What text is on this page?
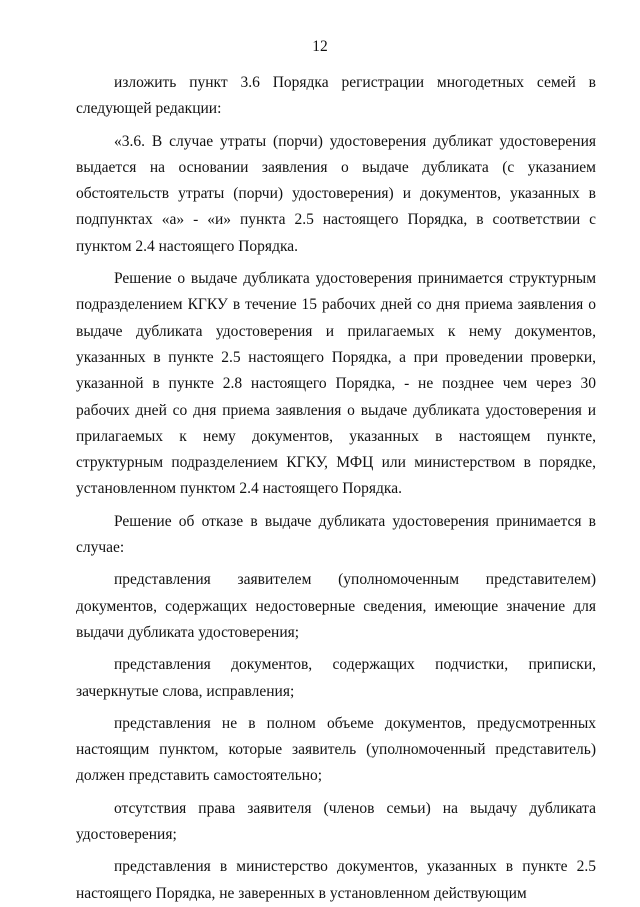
12

изложить пункт 3.6 Порядка регистрации многодетных семей в следующей редакции:

«3.6. В случае утраты (порчи) удостоверения дубликат удостоверения выдается на основании заявления о выдаче дубликата (с указанием обстоятельств утраты (порчи) удостоверения) и документов, указанных в подпунктах «а» - «и» пункта 2.5 настоящего Порядка, в соответствии с пунктом 2.4 настоящего Порядка.

Решение о выдаче дубликата удостоверения принимается структурным подразделением КГКУ в течение 15 рабочих дней со дня приема заявления о выдаче дубликата удостоверения и прилагаемых к нему документов, указанных в пункте 2.5 настоящего Порядка, а при проведении проверки, указанной в пункте 2.8 настоящего Порядка, - не позднее чем через 30 рабочих дней со дня приема заявления о выдаче дубликата удостоверения и прилагаемых к нему документов, указанных в настоящем пункте, структурным подразделением КГКУ, МФЦ или министерством в порядке, установленном пунктом 2.4 настоящего Порядка.

Решение об отказе в выдаче дубликата удостоверения принимается в случае:

представления заявителем (уполномоченным представителем) документов, содержащих недостоверные сведения, имеющие значение для выдачи дубликата удостоверения;

представления документов, содержащих подчистки, приписки, зачеркнутые слова, исправления;

представления не в полном объеме документов, предусмотренных настоящим пунктом, которые заявитель (уполномоченный представитель) должен представить самостоятельно;

отсутствия права заявителя (членов семьи) на выдачу дубликата удостоверения;

представления в министерство документов, указанных в пункте 2.5 настоящего Порядка, не заверенных в установленном действующим
